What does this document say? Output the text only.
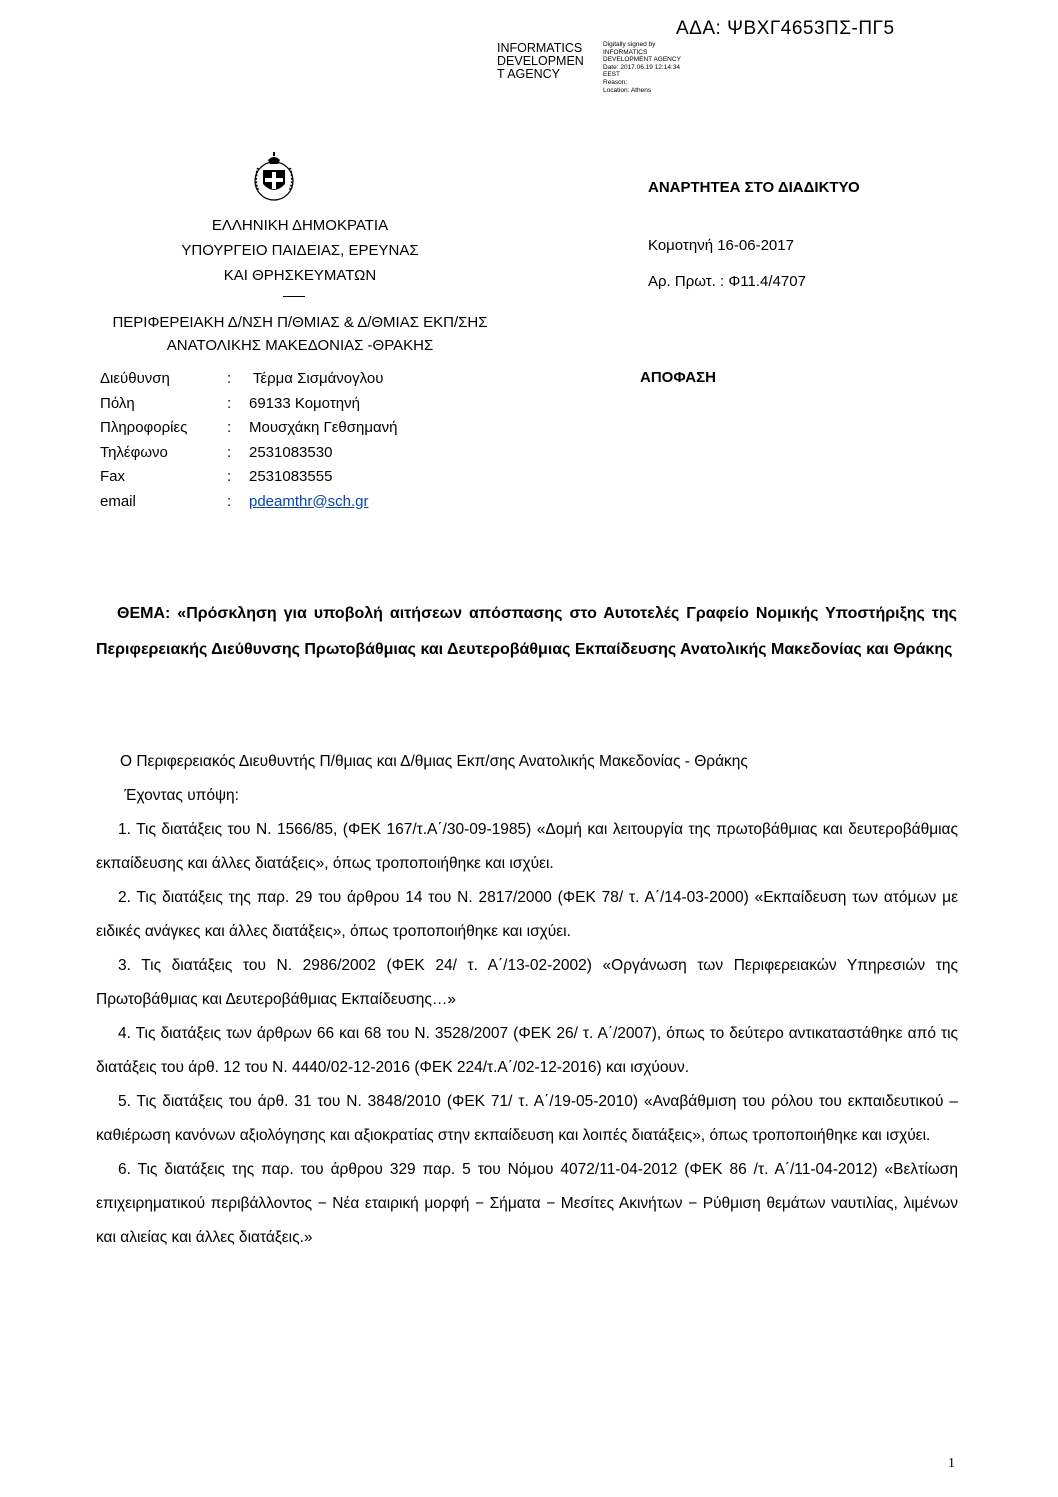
ΑΔΑ: ΨΒΧΓ4653ΠΣ-ΠΓ5
INFORMATICS
DEVELOPMEN
T AGENCY
Digitally signed by
INFORMATICS
DEVELOPMENT AGENCY
Date: 2017.06.19 12:14:34
EEST
Reason:
Location: Athens
ΕΛΛΗΝΙΚΗ ΔΗΜΟΚΡΑΤΙΑ
ΥΠΟΥΡΓΕΙΟ ΠΑΙΔΕΙΑΣ, ΕΡΕΥΝΑΣ
ΚΑΙ ΘΡΗΣΚΕΥΜΑΤΩΝ
ΠΕΡΙΦΕΡΕΙΑΚΗ Δ/ΝΣΗ Π/ΘΜΙΑΣ & Δ/ΘΜΙΑΣ ΕΚΠ/ΣΗΣ
ΑΝΑΤΟΛΙΚΗΣ ΜΑΚΕΔΟΝΙΑΣ -ΘΡΑΚΗΣ
ΑΝΑΡΤΗΤΕΑ ΣΤΟ ΔΙΑΔΙΚΤΥΟ
Κομοτηνή 16-06-2017
Αρ. Πρωτ. : Φ11.4/4707
ΑΠΟΦΑΣΗ
Διεύθυνση	:	Τέρμα Σισμάνογλου
Πόλη	:	69133 Κομοτηνή
Πληροφορίες	:	Μουσχάκη Γεθσημανή
Τηλέφωνο	:	2531083530
Fax	:	2531083555
email	:	pdeamthr@sch.gr
ΘΕΜΑ: «Πρόσκληση για υποβολή αιτήσεων απόσπασης στο Αυτοτελές Γραφείο Νομικής Υποστήριξης της Περιφερειακής Διεύθυνσης Πρωτοβάθμιας και Δευτεροβάθμιας Εκπαίδευσης Ανατολικής Μακεδονίας και Θράκης

Ο Περιφερειακός Διευθυντής Π/θμιας και Δ/θμιας Εκπ/σης Ανατολικής Μακεδονίας - Θράκης

Έχοντας υπόψη:

1. Τις διατάξεις του Ν. 1566/85, (ΦΕΚ 167/τ.Α΄/30-09-1985) «Δομή και λειτουργία της πρωτοβάθμιας και δευτεροβάθμιας εκπαίδευσης και άλλες διατάξεις», όπως τροποποιήθηκε και ισχύει.

2. Τις διατάξεις της παρ. 29 του άρθρου 14 του Ν. 2817/2000 (ΦΕΚ 78/ τ. Α΄/14-03-2000) «Εκπαίδευση των ατόμων με ειδικές ανάγκες και άλλες διατάξεις», όπως τροποποιήθηκε και ισχύει.

3. Τις διατάξεις του Ν. 2986/2002 (ΦΕΚ 24/ τ. Α΄/13-02-2002) «Οργάνωση των Περιφερειακών Υπηρεσιών της Πρωτοβάθμιας και Δευτεροβάθμιας Εκπαίδευσης…»

4. Τις διατάξεις των άρθρων 66 και 68 του Ν. 3528/2007 (ΦΕΚ 26/ τ. Α΄/2007), όπως το δεύτερο αντικαταστάθηκε από τις διατάξεις του άρθ. 12 του Ν. 4440/02-12-2016 (ΦΕΚ 224/τ.Α΄/02-12-2016) και ισχύουν.

5. Τις διατάξεις του άρθ. 31 του Ν. 3848/2010 (ΦΕΚ 71/ τ. Α΄/19-05-2010) «Αναβάθμιση του ρόλου του εκπαιδευτικού – καθιέρωση κανόνων αξιολόγησης και αξιοκρατίας στην εκπαίδευση και λοιπές διατάξεις», όπως τροποποιήθηκε και ισχύει.

6. Τις διατάξεις της παρ. του άρθρου 329 παρ. 5 του Νόμου 4072/11-04-2012 (ΦΕΚ 86 /τ. Α΄/11-04-2012) «Βελτίωση επιχειρηματικού περιβάλλοντος − Νέα εταιρική μορφή − Σήματα − Μεσίτες Ακινήτων − Ρύθμιση θεμάτων ναυτιλίας, λιμένων και αλιείας και άλλες διατάξεις.»

1
